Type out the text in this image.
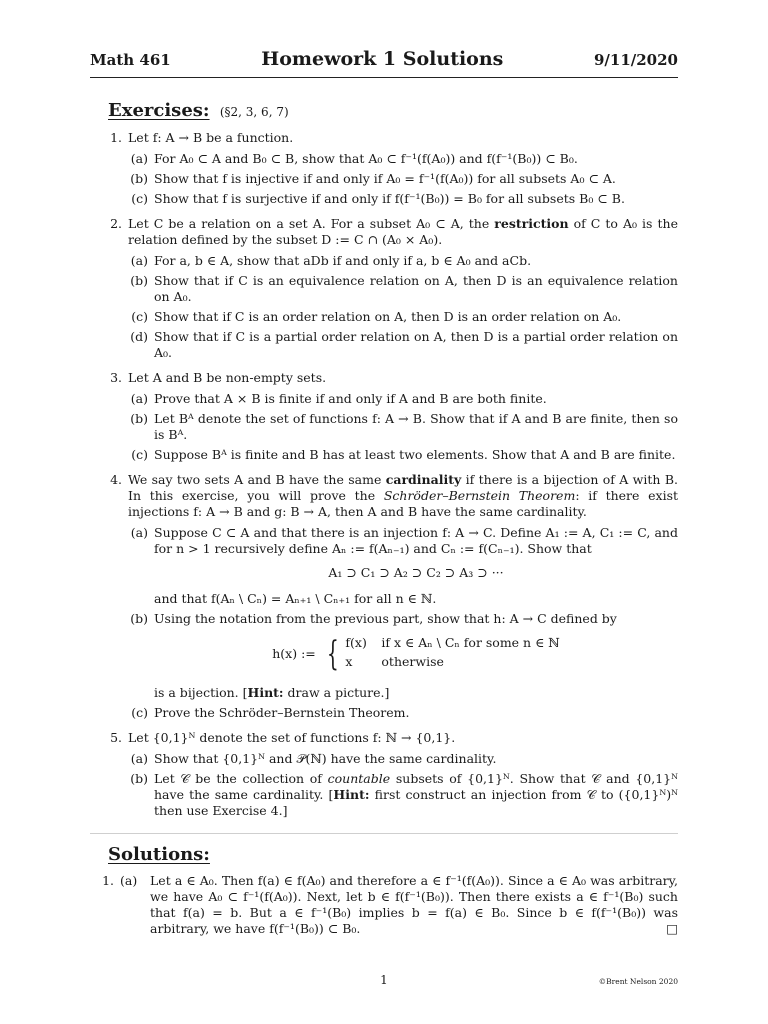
Math 461	Homework 1 Solutions	9/11/2020
Exercises: (§2, 3, 6, 7)
1. Let f: A → B be a function.
(a) For A₀ ⊂ A and B₀ ⊂ B, show that A₀ ⊂ f⁻¹(f(A₀)) and f(f⁻¹(B₀)) ⊂ B₀.
(b) Show that f is injective if and only if A₀ = f⁻¹(f(A₀)) for all subsets A₀ ⊂ A.
(c) Show that f is surjective if and only if f(f⁻¹(B₀)) = B₀ for all subsets B₀ ⊂ B.
2. Let C be a relation on a set A. For a subset A₀ ⊂ A, the restriction of C to A₀ is the relation defined by the subset D := C ∩ (A₀ × A₀).
(a) For a, b ∈ A, show that aDb if and only if a, b ∈ A₀ and aCb.
(b) Show that if C is an equivalence relation on A, then D is an equivalence relation on A₀.
(c) Show that if C is an order relation on A, then D is an order relation on A₀.
(d) Show that if C is a partial order relation on A, then D is a partial order relation on A₀.
3. Let A and B be non-empty sets.
(a) Prove that A × B is finite if and only if A and B are both finite.
(b) Let Bᴬ denote the set of functions f: A → B. Show that if A and B are finite, then so is Bᴬ.
(c) Suppose Bᴬ is finite and B has at least two elements. Show that A and B are finite.
4. We say two sets A and B have the same cardinality if there is a bijection of A with B. In this exercise, you will prove the Schröder–Bernstein Theorem: if there exist injections f: A → B and g: B → A, then A and B have the same cardinality.
(a) Suppose C ⊂ A and that there is an injection f: A → C. Define A₁ := A, C₁ := C, and for n > 1 recursively define Aₙ := f(Aₙ₋₁) and Cₙ := f(Cₙ₋₁). Show that
A₁ ⊃ C₁ ⊃ A₂ ⊃ C₂ ⊃ A₃ ⊃ ···
and that f(Aₙ \ Cₙ) = Aₙ₊₁ \ Cₙ₊₁ for all n ∈ ℕ.
(b) Using the notation from the previous part, show that h: A → C defined by
h(x) := { f(x) if x ∈ Aₙ \ Cₙ for some n ∈ ℕ
x otherwise
is a bijection. [Hint: draw a picture.]
(c) Prove the Schröder–Bernstein Theorem.
5. Let {0,1}ᴺ denote the set of functions f: ℕ → {0,1}.
(a) Show that {0,1}ᴺ and 𝒫(ℕ) have the same cardinality.
(b) Let 𝒞 be the collection of countable subsets of {0,1}ᴺ. Show that 𝒞 and {0,1}ᴺ have the same cardinality. [Hint: first construct an injection from 𝒞 to ({0,1}ᴺ)ᴺ then use Exercise 4.]
Solutions:
1. (a)	Let a ∈ A₀. Then f(a) ∈ f(A₀) and therefore a ∈ f⁻¹(f(A₀)). Since a ∈ A₀ was arbitrary, we have A₀ ⊂ f⁻¹(f(A₀)). Next, let b ∈ f(f⁻¹(B₀)). Then there exists a ∈ f⁻¹(B₀) such that f(a) = b. But a ∈ f⁻¹(B₀) implies b = f(a) ∈ B₀. Since b ∈ f(f⁻¹(B₀)) was arbitrary, we have f(f⁻¹(B₀)) ⊂ B₀.	□
1	©Brent Nelson 2020
